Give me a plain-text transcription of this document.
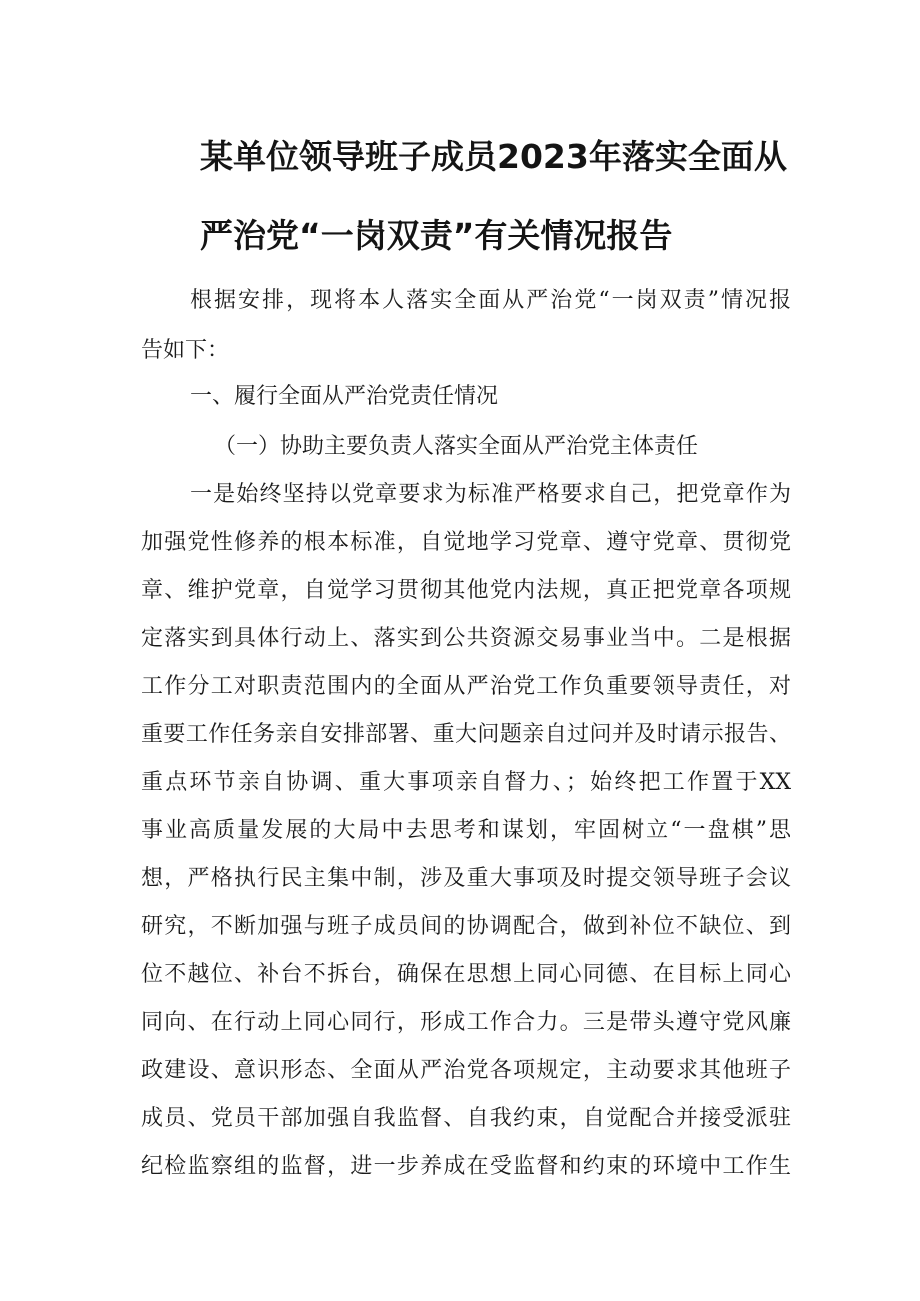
某单位领导班子成员2023年落实全面从
严治党“一岗双责”有关情况报告
根据安排，现将本人落实全面从严治党“一岗双责”情况报
告如下：
一、履行全面从严治党责任情况
（一）协助主要负责人落实全面从严治党主体责任
一是始终坚持以党章要求为标准严格要求自己，把党章作为
加强党性修养的根本标准，自觉地学习党章、遵守党章、贯彻党
章、维护党章，自觉学习贯彻其他党内法规，真正把党章各项规
定落实到具体行动上、落实到公共资源交易事业当中。二是根据
工作分工对职责范围内的全面从严治党工作负重要领导责任，对
重要工作任务亲自安排部署、重大问题亲自过问并及时请示报告、
重点环节亲自协调、重大事项亲自督力、；始终把工作置于XX
事业高质量发展的大局中去思考和谋划，牢固树立“一盘棋”思
想，严格执行民主集中制，涉及重大事项及时提交领导班子会议
研究，不断加强与班子成员间的协调配合，做到补位不缺位、到
位不越位、补台不拆台，确保在思想上同心同德、在目标上同心
同向、在行动上同心同行，形成工作合力。三是带头遵守党风廉
政建设、意识形态、全面从严治党各项规定，主动要求其他班子
成员、党员干部加强自我监督、自我约束，自觉配合并接受派驻
纪检监察组的监督，进一步养成在受监督和约束的环境中工作生
